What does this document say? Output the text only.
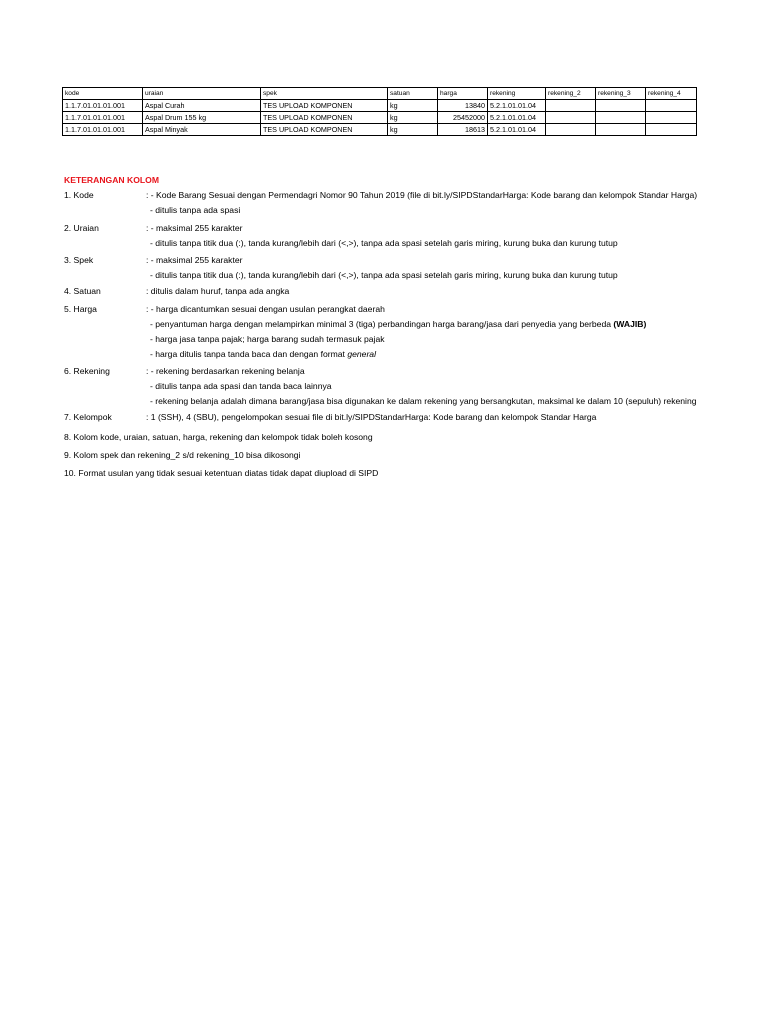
kode	uraian	spek	satuan	harga	rekening	rekening_2	rekening_3	rekening_4
1.1.7.01.01.01.001	Aspal Curah	TES UPLOAD KOMPONEN	kg	13840	5.2.1.01.01.04			
1.1.7.01.01.01.001	Aspal Drum 155 kg	TES UPLOAD KOMPONEN	kg	25452000	5.2.1.01.01.04			
1.1.7.01.01.01.001	Aspal Minyak	TES UPLOAD KOMPONEN	kg	18613	5.2.1.01.01.04			
KETERANGAN KOLOM
1. Kode	: - Kode Barang Sesuai dengan Permendagri Nomor 90 Tahun 2019 (file di bit.ly/SIPDStandarHarga: Kode barang dan kelompok Standar Harga)
- ditulis tanpa ada spasi
2. Uraian	: - maksimal 255 karakter
- ditulis tanpa titik dua (:), tanda kurang/lebih dari (<,>), tanpa ada spasi setelah garis miring, kurung buka dan kurung tutup
3. Spek	: - maksimal 255 karakter
- ditulis tanpa titik dua (:), tanda kurang/lebih dari (<,>), tanpa ada spasi setelah garis miring, kurung buka dan kurung tutup
4. Satuan	: ditulis dalam huruf, tanpa ada angka
5. Harga	: - harga dicantumkan sesuai dengan usulan perangkat daerah
- penyantuman harga dengan melampirkan minimal 3 (tiga) perbandingan harga barang/jasa dari penyedia yang berbeda (WAJIB)
- harga jasa tanpa pajak; harga barang sudah termasuk pajak
- harga ditulis tanpa tanda baca dan dengan format general
6. Rekening	: - rekening berdasarkan rekening belanja
- ditulis tanpa ada spasi dan tanda baca lainnya
- rekening belanja adalah dimana barang/jasa bisa digunakan ke dalam rekening yang bersangkutan, maksimal ke dalam 10 (sepuluh) rekening
7. Kelompok	: 1 (SSH), 4 (SBU), pengelompokan sesuai file di bit.ly/SIPDStandarHarga: Kode barang dan kelompok Standar Harga
8. Kolom kode, uraian, satuan, harga, rekening dan kelompok tidak boleh kosong
9. Kolom spek dan rekening_2 s/d rekening_10 bisa dikosongi
10. Format usulan yang tidak sesuai ketentuan diatas tidak dapat diupload di SIPD
